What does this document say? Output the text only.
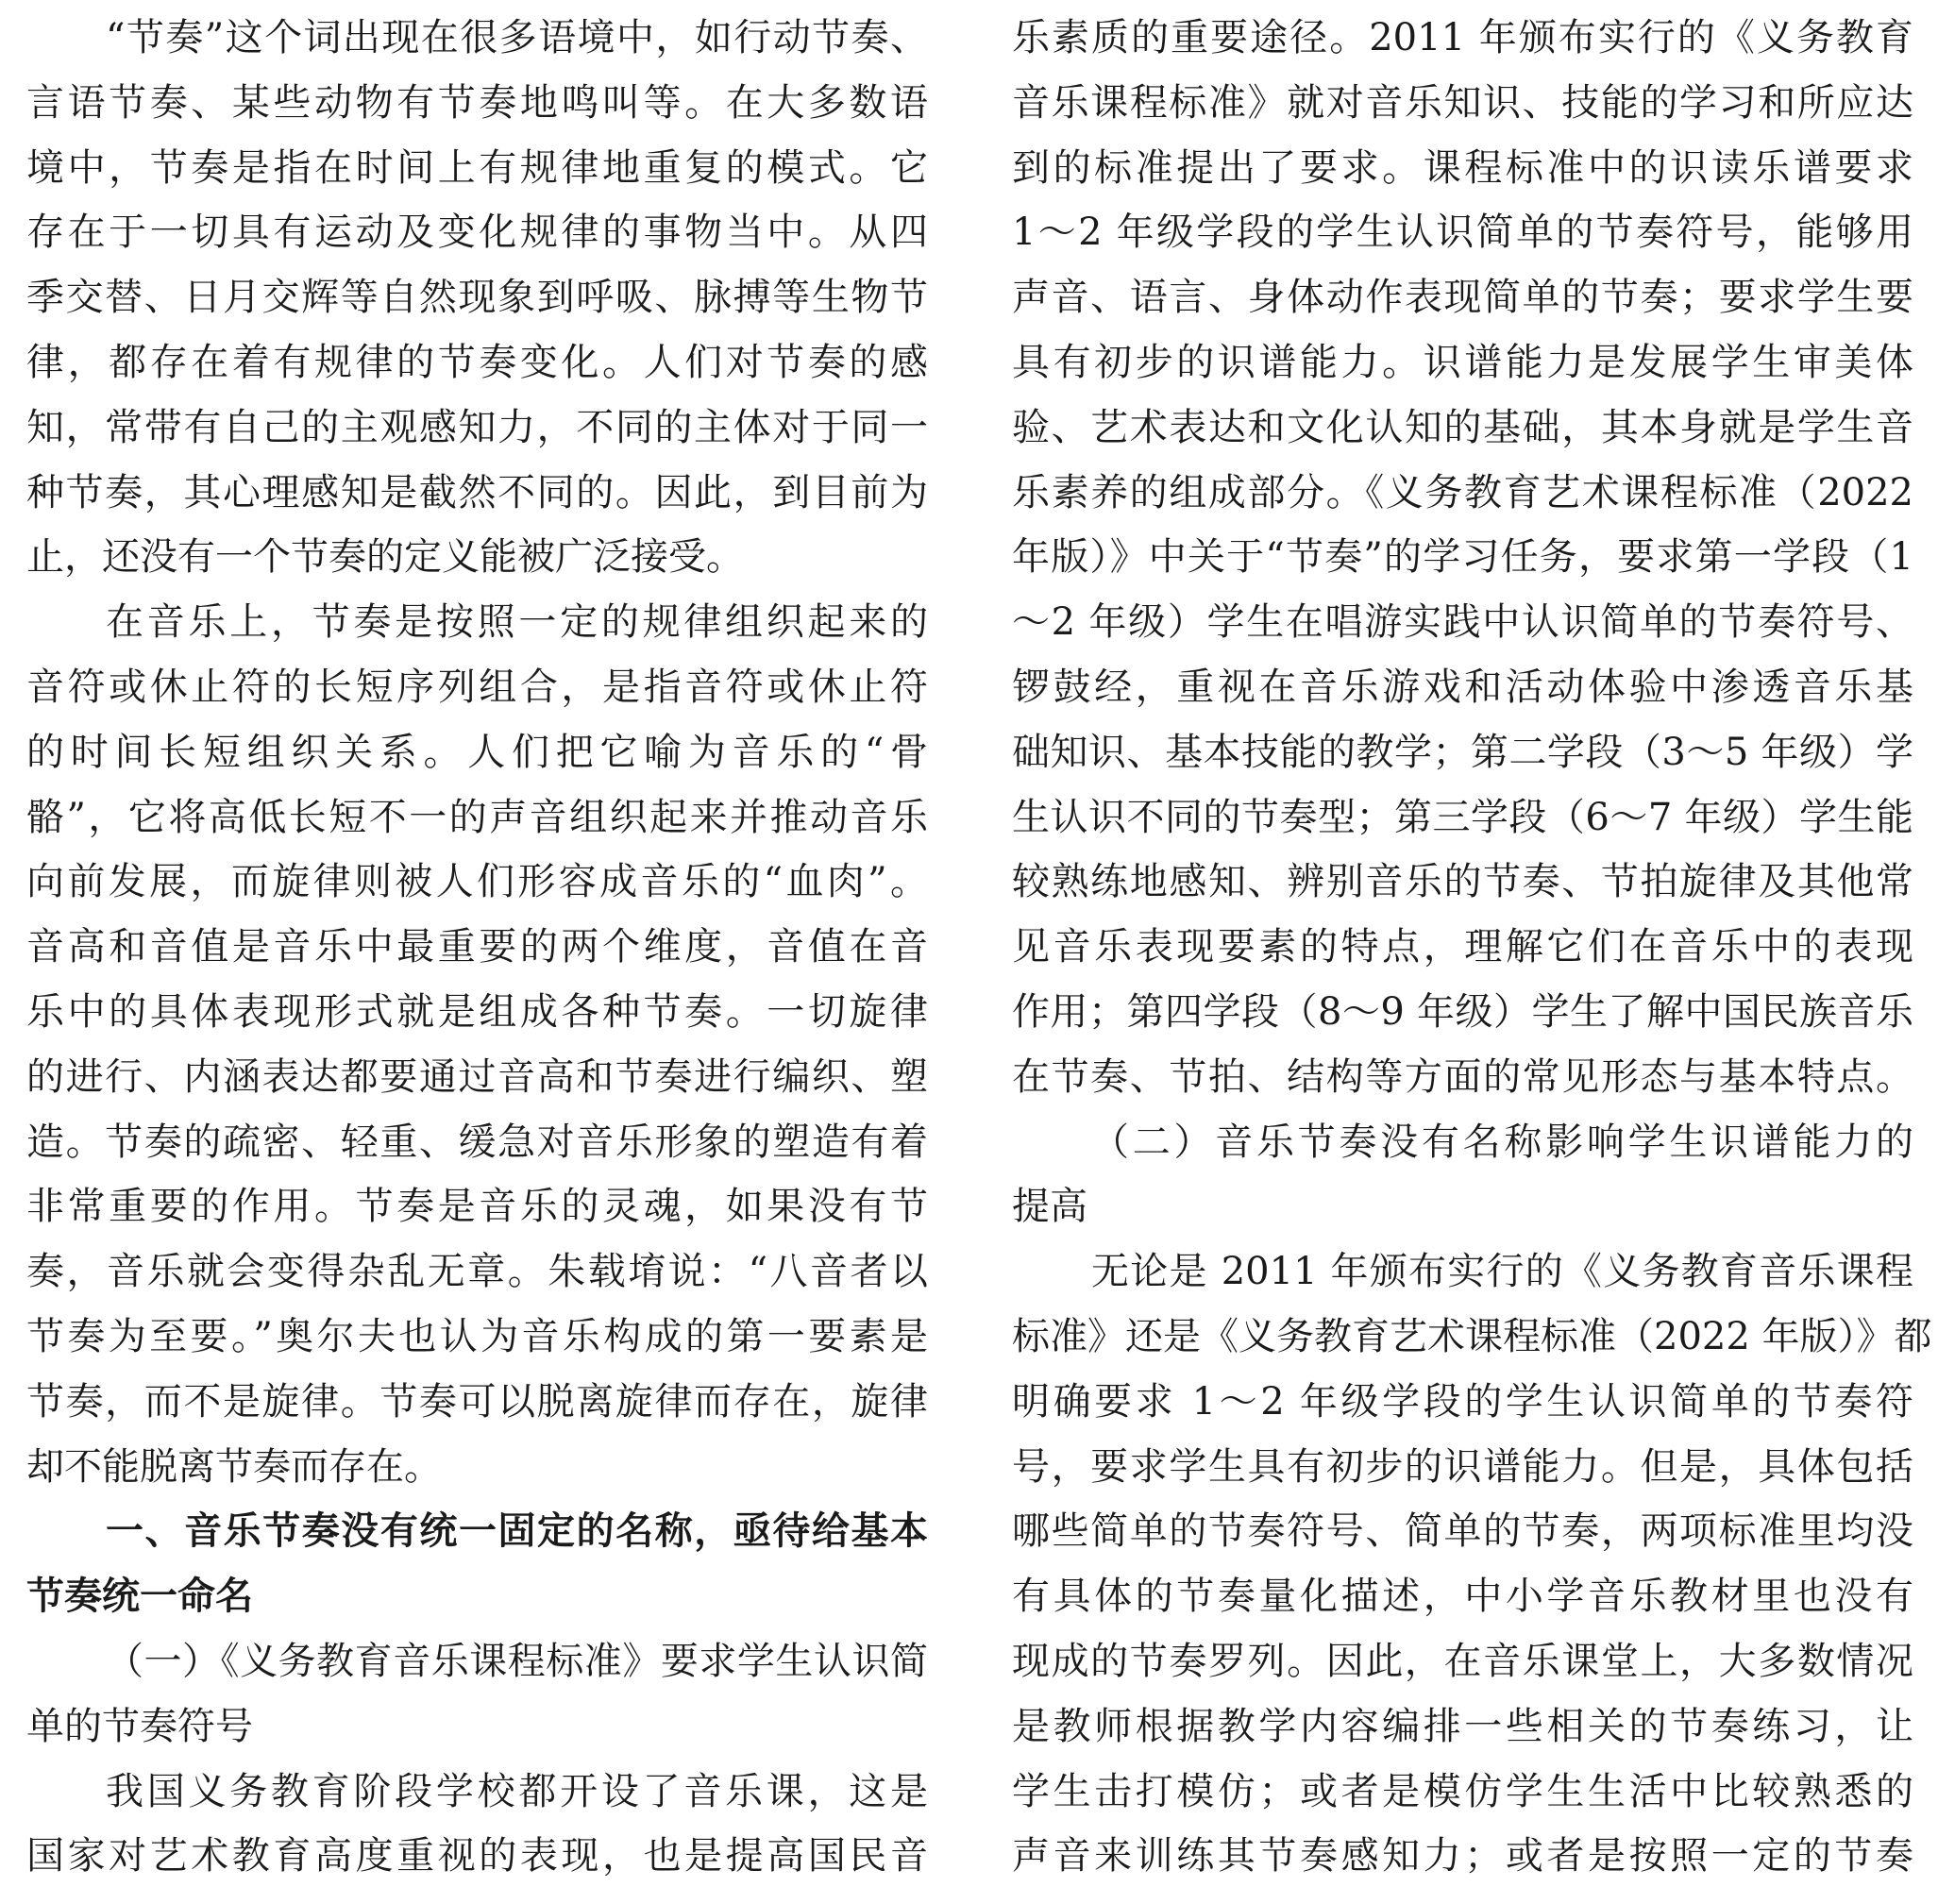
“节奏”这个词出现在很多语境中，如行动节奏、
言语节奏、某些动物有节奏地鸣叫等。在大多数语
境中，节奏是指在时间上有规律地重复的模式。它
存在于一切具有运动及变化规律的事物当中。从四
季交替、日月交辉等自然现象到呼吸、脉搏等生物节
律，都存在着有规律的节奏变化。人们对节奏的感
知，常带有自己的主观感知力，不同的主体对于同一
种节奏，其心理感知是截然不同的。因此，到目前为
止，还没有一个节奏的定义能被广泛接受。
在音乐上，节奏是按照一定的规律组织起来的
音符或休止符的长短序列组合，是指音符或休止符
的时间长短组织关系。人们把它喻为音乐的“骨
骼”，它将高低长短不一的声音组织起来并推动音乐
向前发展，而旋律则被人们形容成音乐的“血肉”。
音高和音值是音乐中最重要的两个维度，音值在音
乐中的具体表现形式就是组成各种节奏。一切旋律
的进行、内涵表达都要通过音高和节奏进行编织、塑
造。节奏的疏密、轻重、缓急对音乐形象的塑造有着
非常重要的作用。节奏是音乐的灵魂，如果没有节
奏，音乐就会变得杂乱无章。朱载堉说：“八音者以
节奏为至要。”奥尔夫也认为音乐构成的第一要素是
节奏，而不是旋律。节奏可以脱离旋律而存在，旋律
却不能脱离节奏而存在。
一、音乐节奏没有统一固定的名称，亟待给基本
节奏统一命名
（一）《义务教育音乐课程标准》要求学生认识简
单的节奏符号
我国义务教育阶段学校都开设了音乐课，这是
国家对艺术教育高度重视的表现，也是提高国民音
乐素质的重要途径。2011 年颁布实行的《义务教育
音乐课程标准》就对音乐知识、技能的学习和所应达
到的标准提出了要求。课程标准中的识读乐谱要求
1～2 年级学段的学生认识简单的节奏符号，能够用
声音、语言、身体动作表现简单的节奏；要求学生要
具有初步的识谱能力。识谱能力是发展学生审美体
验、艺术表达和文化认知的基础，其本身就是学生音
乐素养的组成部分。《义务教育艺术课程标准（2022
年版）》中关于“节奏”的学习任务，要求第一学段（1
～2 年级）学生在唱游实践中认识简单的节奏符号、
锣鼓经，重视在音乐游戏和活动体验中渗透音乐基
础知识、基本技能的教学；第二学段（3～5 年级）学
生认识不同的节奏型；第三学段（6～7 年级）学生能
较熟练地感知、辨别音乐的节奏、节拍旋律及其他常
见音乐表现要素的特点，理解它们在音乐中的表现
作用；第四学段（8～9 年级）学生了解中国民族音乐
在节奏、节拍、结构等方面的常见形态与基本特点。
（二）音乐节奏没有名称影响学生识谱能力的
提高
无论是 2011 年颁布实行的《义务教育音乐课程
标准》还是《义务教育艺术课程标准（2022 年版）》都
明确要求 1～2 年级学段的学生认识简单的节奏符
号，要求学生具有初步的识谱能力。但是，具体包括
哪些简单的节奏符号、简单的节奏，两项标准里均没
有具体的节奏量化描述，中小学音乐教材里也没有
现成的节奏罗列。因此，在音乐课堂上，大多数情况
是教师根据教学内容编排一些相关的节奏练习，让
学生击打模仿；或者是模仿学生生活中比较熟悉的
声音来训练其节奏感知力；或者是按照一定的节奏
